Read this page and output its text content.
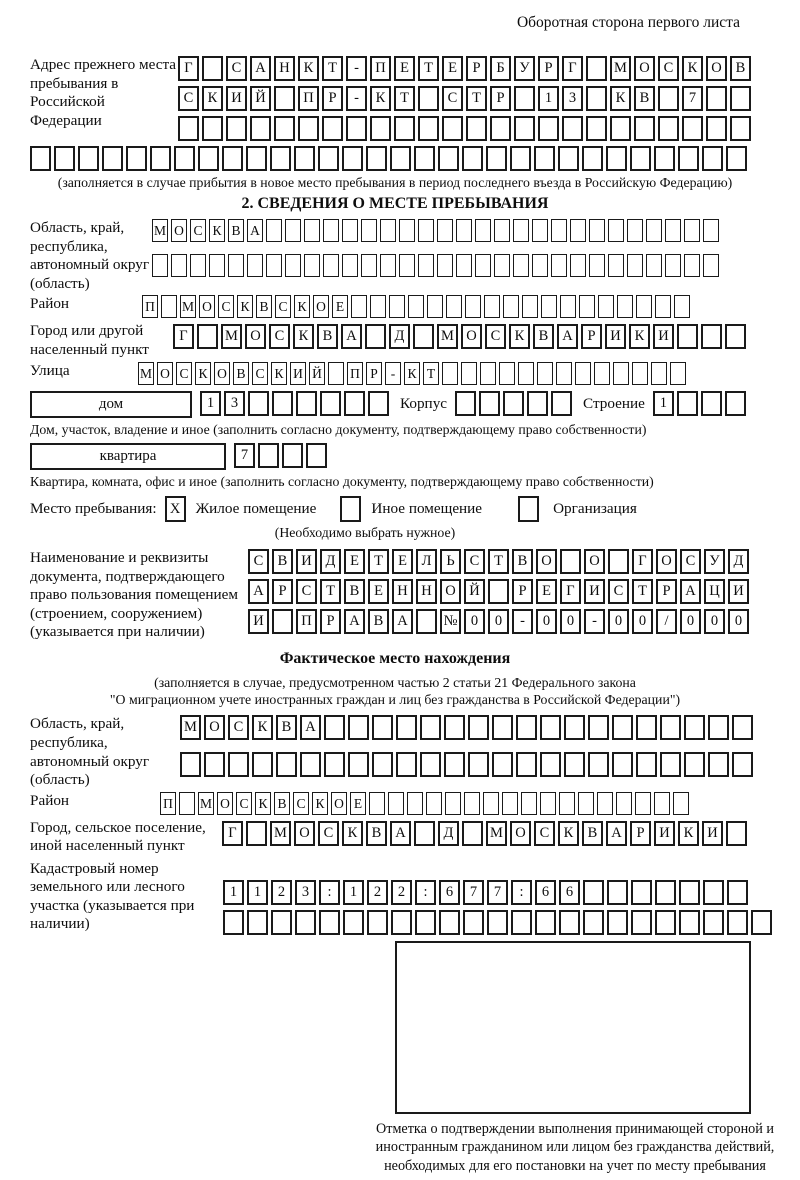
Оборотная сторона первого листа
Адрес прежнего места пребывания в Российской Федерации
Г	С А Н К	Т	-	П Е	Т	Е	Р	Б	У	Р	Г	М О С К О В
С К И Й	П	Р	-	К	Т	С	Т	Р	1	3	К В	7
(заполняется в случае прибытия в новое место пребывания в период последнего въезда в Российскую Федерацию)
2. СВЕДЕНИЯ О МЕСТЕ ПРЕБЫВАНИЯ
Область, край, республика, автономный округ (область)
М О С К В А
Район	П М О С К В С К О Е
Город или другой населенный пункт
Г	М О С К В А	Д	М О С К В А	Р	И К И
Улица	М О С К О В С К И Й П Р - К Т
дом	1	3	Корпус	Строение	1
Дом, участок, владение и иное (заполнить согласно документу, подтверждающему право собственности)
квартира	7
Квартира, комната, офис и иное (заполнить согласно документу, подтверждающему право собственности)
Место пребывания: X	Жилое помещение	Иное помещение	Организация
(Необходимо выбрать нужное)
Наименование и реквизиты документа, подтверждающего право пользования помещением (строением, сооружением) (указывается при наличии)
С В И Д	Е	Т	Е	Л	Ь	С	Т	В О	О	Г	О С У Д
А	Р	С	Т	В	Е Н Н О Й	Р	Е	Г	И С	Т	Р	А Ц И
И	П	Р	А В А	№ 0	0	-	0	0	-	0	0	/	0	0	0
Фактическое место нахождения
(заполняется в случае, предусмотренном частью 2 статьи 21 Федерального закона
"О миграционном учете иностранных граждан и лиц без гражданства в Российской Федерации")
Область, край, республика, автономный округ (область)
М О С К В А
Район	П М О С К В С К О Е
Город, сельское поселение, иной населенный пункт
Г	М О С К В А	Д	М О С К В А	Р	И К И
Кадастровый номер земельного или лесного участка (указывается при наличии)
1	1	2	3	:	1	2	2	:	6	7	7	:	6	6
Отметка о подтверждении выполнения принимающей стороной и иностранным гражданином или лицом без гражданства действий, необходимых для его постановки на учет по месту пребывания
